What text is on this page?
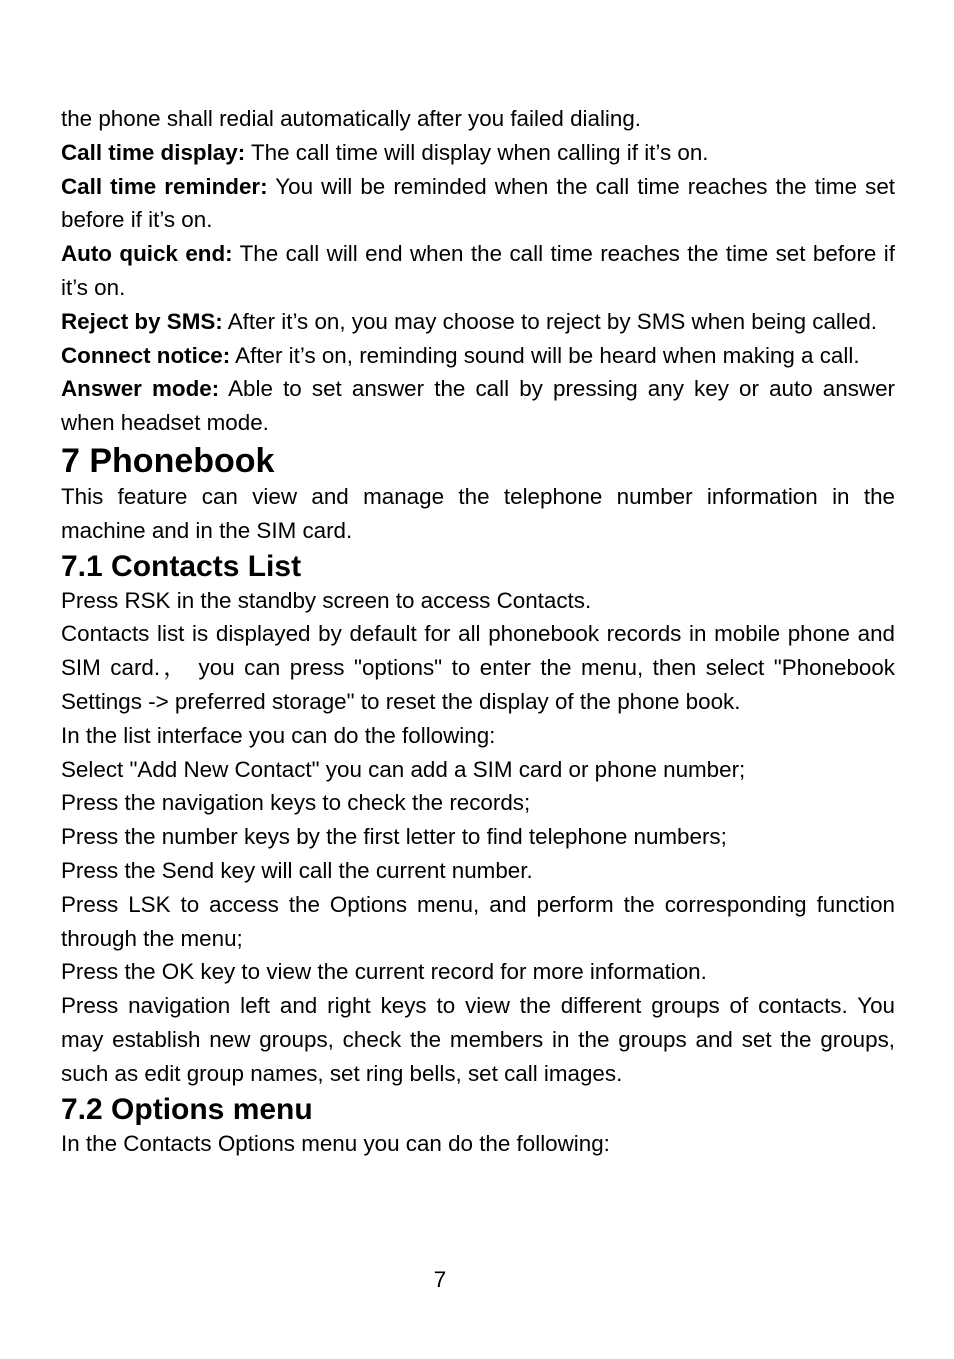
the phone shall redial automatically after you failed dialing.

Call time display: The call time will display when calling if it’s on.

Call time reminder: You will be reminded when the call time reaches the time set before if it’s on.

Auto quick end: The call will end when the call time reaches the time set before if it’s on.

Reject by SMS: After it’s on, you may choose to reject by SMS when being called.

Connect notice: After it’s on, reminding sound will be heard when making a call.

Answer mode: Able to set answer the call by pressing any key or auto answer when headset mode.

7 Phonebook

This feature can view and manage the telephone number information in the machine and in the SIM card.

7.1 Contacts List

Press RSK in the standby screen to access Contacts.

Contacts list is displayed by default for all phonebook records in mobile phone and SIM card.， you can press "options" to enter the menu, then select "Phonebook Settings -> preferred storage" to reset the display of the phone book.

In the list interface you can do the following:

Select "Add New Contact" you can add a SIM card or phone number;

Press the navigation keys to check the records;

Press the number keys by the first letter to find telephone numbers;

Press the Send key will call the current number.

Press LSK to access the Options menu, and perform the corresponding function through the menu;

Press the OK key to view the current record for more information.

Press navigation left and right keys to view the different groups of contacts. You may establish new groups, check the members in the groups and set the groups, such as edit group names, set ring bells, set call images.

7.2 Options menu

In the Contacts Options menu you can do the following:

7
